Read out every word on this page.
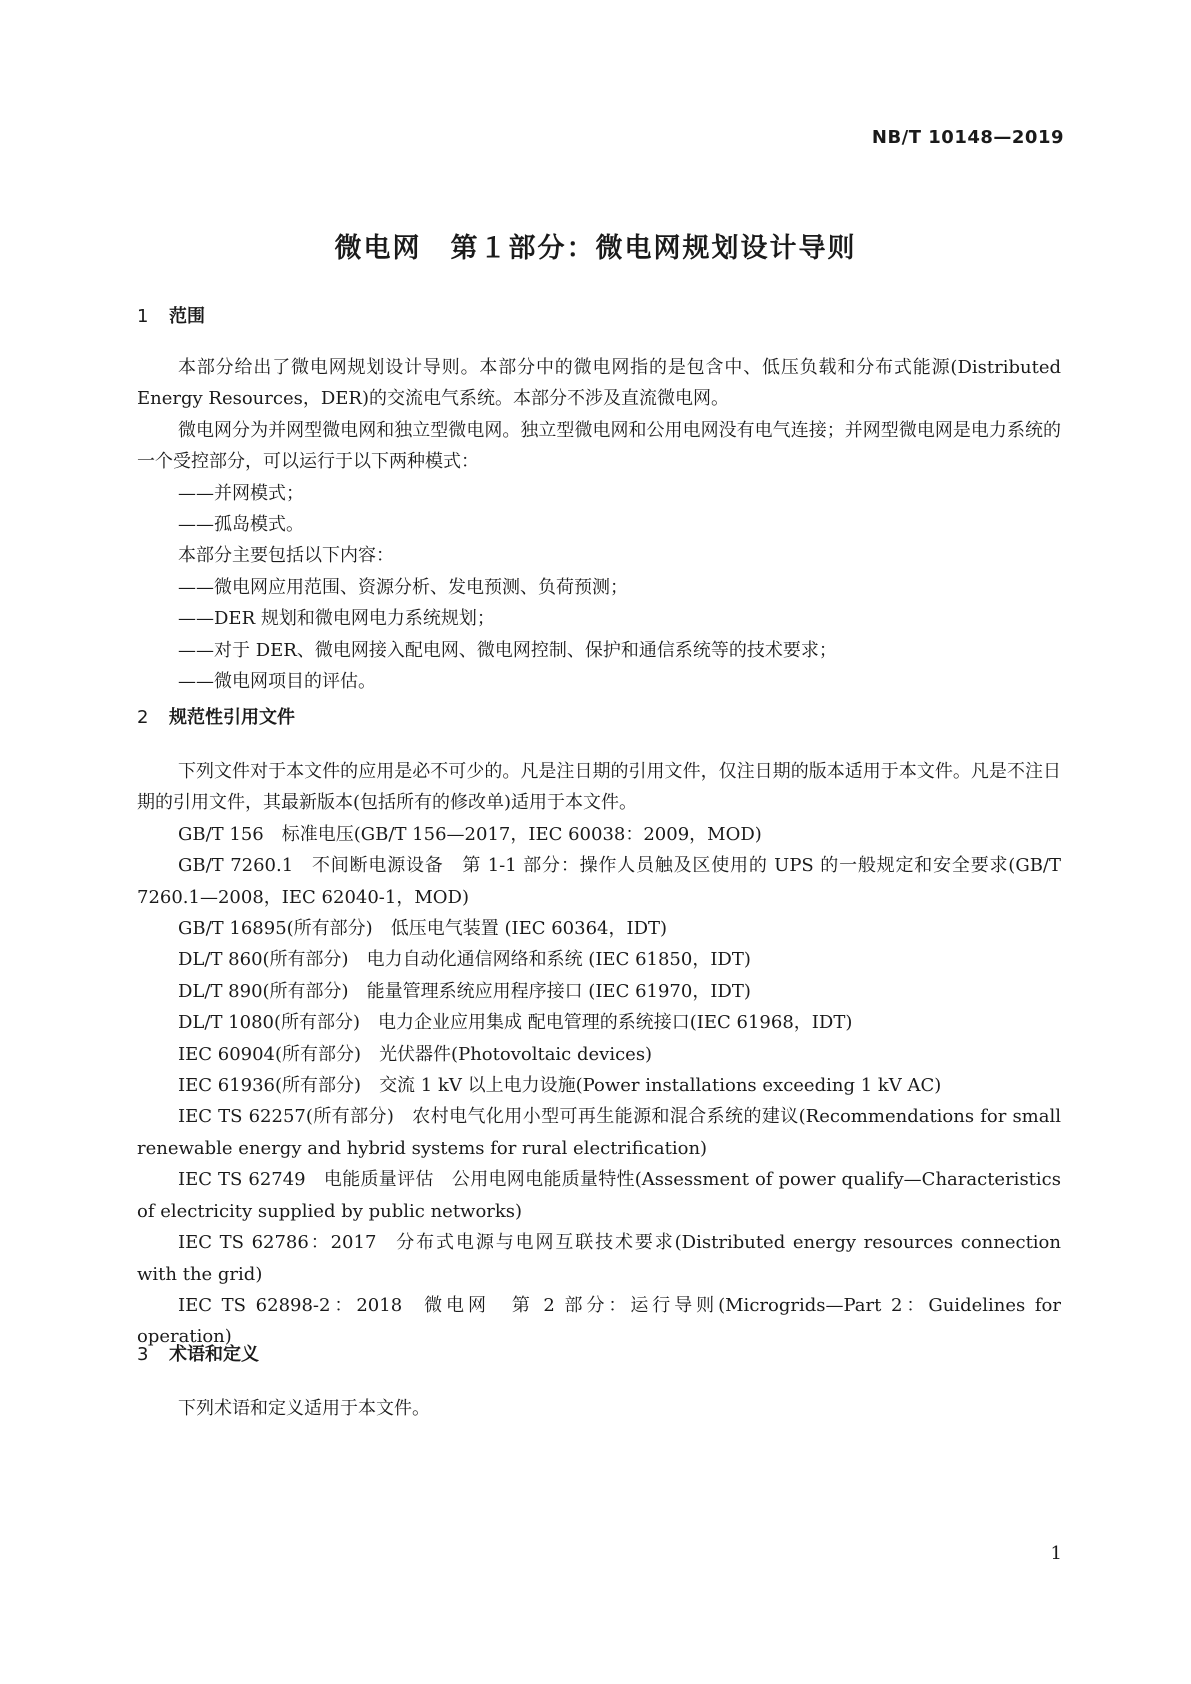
NB/T 10148—2019
微电网　第１部分：微电网规划设计导则
1 范围

本部分给出了微电网规划设计导则。本部分中的微电网指的是包含中、低压负载和分布式能源(Distributed Energy Resources，DER)的交流电气系统。本部分不涉及直流微电网。

微电网分为并网型微电网和独立型微电网。独立型微电网和公用电网没有电气连接；并网型微电网是电力系统的一个受控部分，可以运行于以下两种模式：

——并网模式；

——孤岛模式。

本部分主要包括以下内容：

——微电网应用范围、资源分析、发电预测、负荷预测；

——DER 规划和微电网电力系统规划；

——对于 DER、微电网接入配电网、微电网控制、保护和通信系统等的技术要求；

——微电网项目的评估。

2 规范性引用文件

下列文件对于本文件的应用是必不可少的。凡是注日期的引用文件，仅注日期的版本适用于本文件。凡是不注日期的引用文件，其最新版本(包括所有的修改单)适用于本文件。

GB/T 156 标准电压(GB/T 156—2017，IEC 60038：2009，MOD)

GB/T 7260.1 不间断电源设备　第 1-1 部分：操作人员触及区使用的 UPS 的一般规定和安全要求(GB/T 7260.1—2008，IEC 62040-1，MOD)

GB/T 16895(所有部分) 低压电气装置 (IEC 60364，IDT)

DL/T 860(所有部分) 电力自动化通信网络和系统 (IEC 61850，IDT)

DL/T 890(所有部分) 能量管理系统应用程序接口 (IEC 61970，IDT)

DL/T 1080(所有部分) 电力企业应用集成 配电管理的系统接口(IEC 61968，IDT)

IEC 60904(所有部分) 光伏器件(Photovoltaic devices)

IEC 61936(所有部分) 交流 1 kV 以上电力设施(Power installations exceeding 1 kV AC)

IEC TS 62257(所有部分) 农村电气化用小型可再生能源和混合系统的建议(Recommendations for small renewable energy and hybrid systems for rural electrification)

IEC TS 62749 电能质量评估　公用电网电能质量特性(Assessment of power qualify—Characteristics of electricity supplied by public networks)

IEC TS 62786：2017 分布式电源与电网互联技术要求(Distributed energy resources connection with the grid)

IEC TS 62898-2：2018 微电网　第 2 部分：运行导则(Microgrids—Part 2：Guidelines for operation)

3 术语和定义

下列术语和定义适用于本文件。

1
